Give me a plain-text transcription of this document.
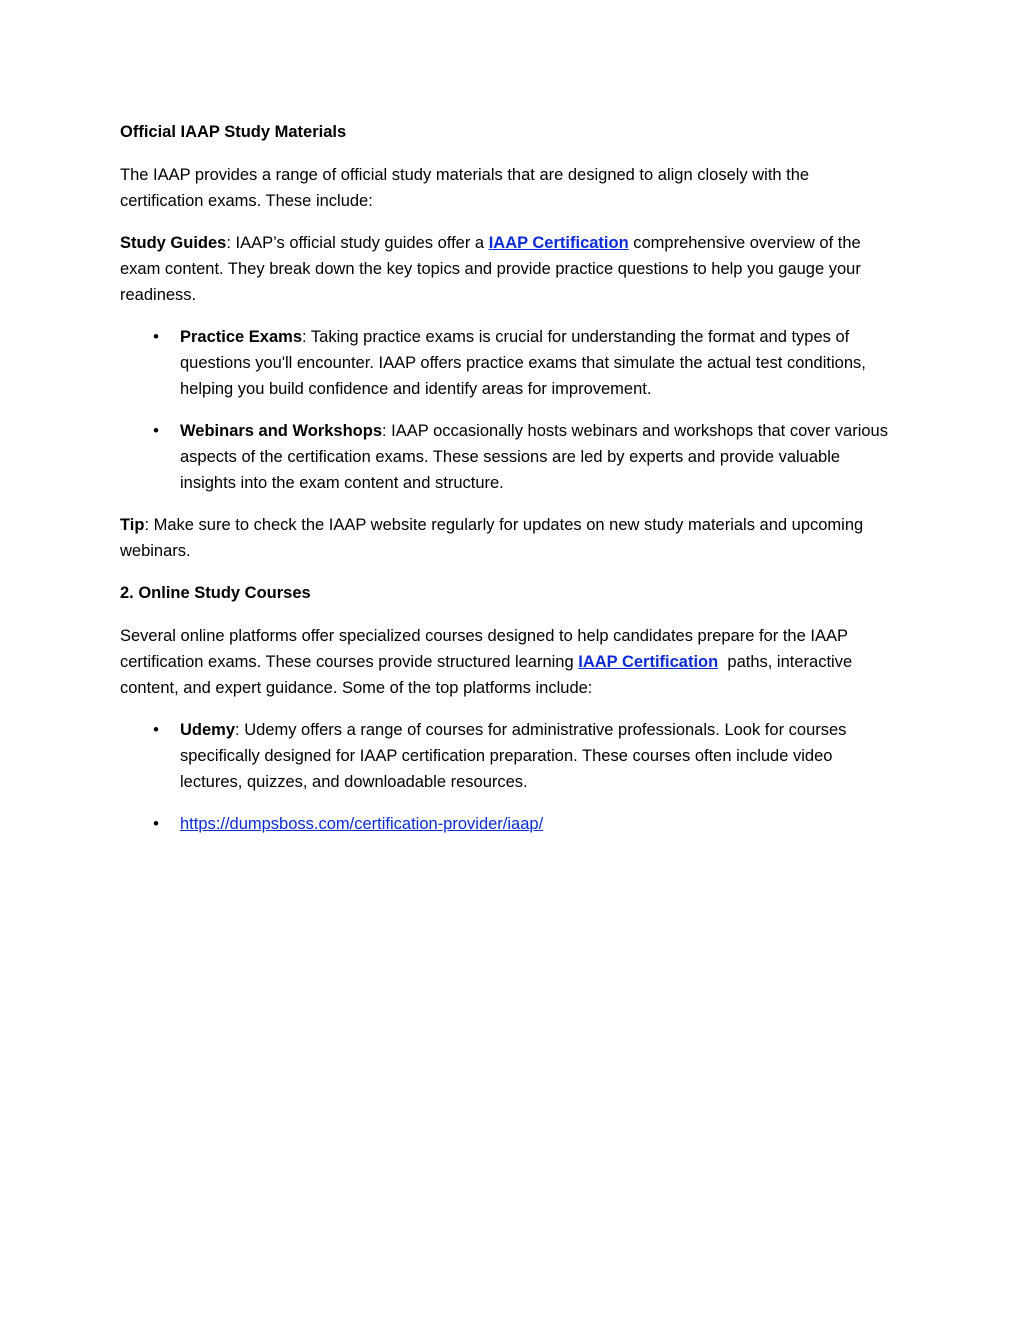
Official IAAP Study Materials

The IAAP provides a range of official study materials that are designed to align closely with the certification exams. These include:

Study Guides: IAAP’s official study guides offer a IAAP Certification comprehensive overview of the exam content. They break down the key topics and provide practice questions to help you gauge your readiness.

• Practice Exams: Taking practice exams is crucial for understanding the format and types of questions you'll encounter. IAAP offers practice exams that simulate the actual test conditions, helping you build confidence and identify areas for improvement.
• Webinars and Workshops: IAAP occasionally hosts webinars and workshops that cover various aspects of the certification exams. These sessions are led by experts and provide valuable insights into the exam content and structure.

Tip: Make sure to check the IAAP website regularly for updates on new study materials and upcoming webinars.

2. Online Study Courses

Several online platforms offer specialized courses designed to help candidates prepare for the IAAP certification exams. These courses provide structured learning IAAP Certification  paths, interactive content, and expert guidance. Some of the top platforms include:

• Udemy: Udemy offers a range of courses for administrative professionals. Look for courses specifically designed for IAAP certification preparation. These courses often include video lectures, quizzes, and downloadable resources.
• https://dumpsboss.com/certification-provider/iaap/
